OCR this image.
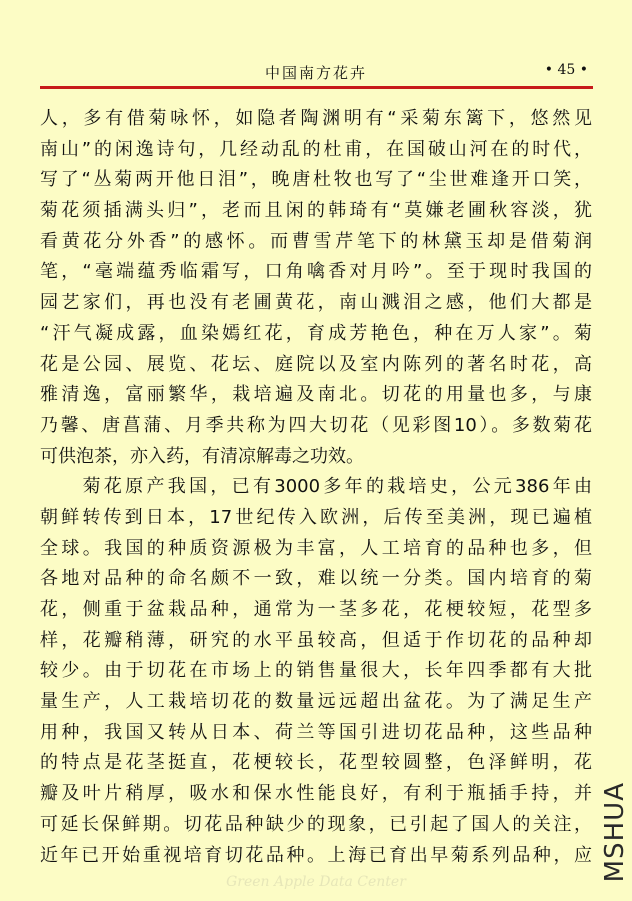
中国南方花卉	• 45 •
人，多有借菊咏怀，如隐者陶渊明有“采菊东篱下，悠然见
南山”的闲逸诗句，几经动乱的杜甫，在国破山河在的时代，
写了“丛菊两开他日泪”，晚唐杜牧也写了“尘世难逢开口笑，
菊花须插满头归”，老而且闲的韩琦有“莫嫌老圃秋容淡，犹
看黄花分外香”的感怀。而曹雪芹笔下的林黛玉却是借菊润
笔，“毫端蕴秀临霜写，口角噙香对月吟”。至于现时我国的
园艺家们，再也没有老圃黄花，南山溅泪之感，他们大都是
“汗气凝成露，血染嫣红花，育成芳艳色，种在万人家”。菊
花是公园、展览、花坛、庭院以及室内陈列的著名时花，高
雅清逸，富丽繁华，栽培遍及南北。切花的用量也多，与康
乃馨、唐菖蒲、月季共称为四大切花（见彩图10）。多数菊花
可供泡茶，亦入药，有清凉解毒之功效。
　　菊花原产我国，已有3000多年的栽培史，公元386年由
朝鲜转传到日本，17世纪传入欧洲，后传至美洲，现已遍植
全球。我国的种质资源极为丰富，人工培育的品种也多，但
各地对品种的命名颇不一致，难以统一分类。国内培育的菊
花，侧重于盆栽品种，通常为一茎多花，花梗较短，花型多
样，花瓣稍薄，研究的水平虽较高，但适于作切花的品种却
较少。由于切花在市场上的销售量很大，长年四季都有大批
量生产，人工栽培切花的数量远远超出盆花。为了满足生产
用种，我国又转从日本、荷兰等国引进切花品种，这些品种
的特点是花茎挺直，花梗较长，花型较圆整，色泽鲜明，花
瓣及叶片稍厚，吸水和保水性能良好，有利于瓶插手持，并
可延长保鲜期。切花品种缺少的现象，已引起了国人的关注，
近年已开始重视培育切花品种。上海已育出早菊系列品种，应 MSHUA
Green Apple Data Center
